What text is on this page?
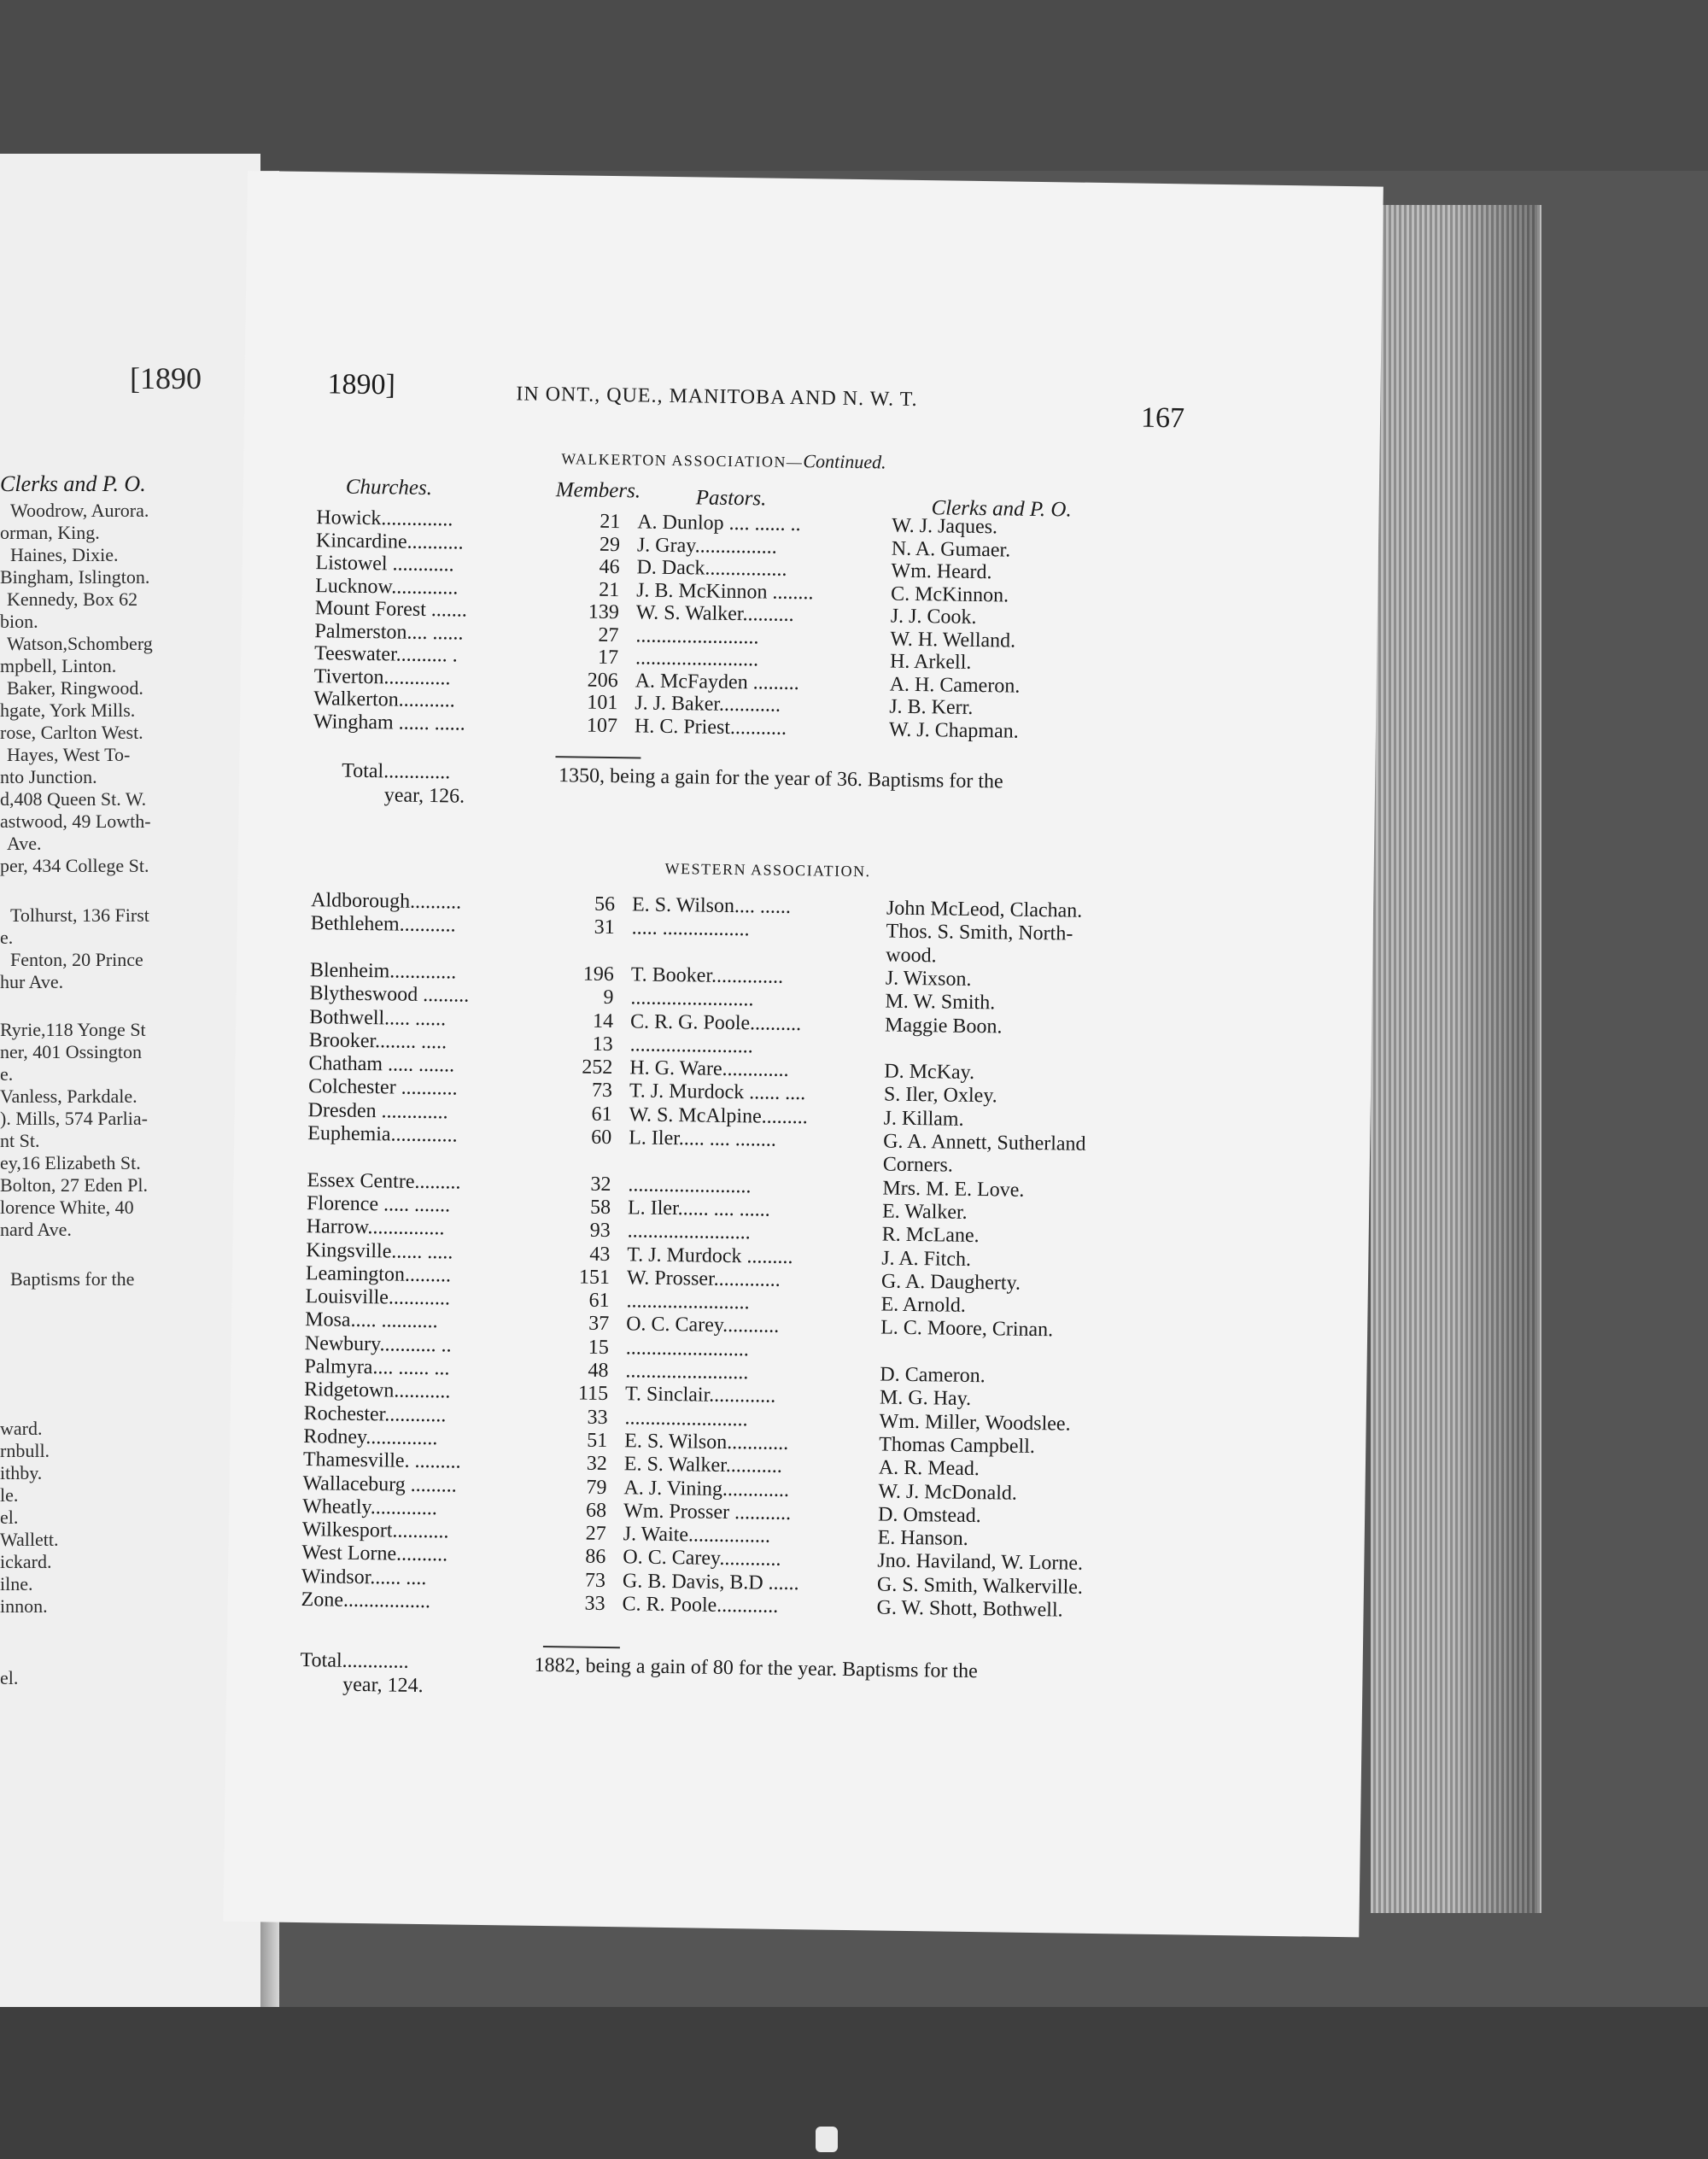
[1890
Clerks and P. O.
Woodrow, Aurora.
orman, King.
Haines, Dixie.
Bingham, Islington.
Kennedy, Box 62
bion.
Watson,Schomberg
mpbell, Linton.
Baker, Ringwood.
hgate, York Mills.
rose, Carlton West.
Hayes, West To-
nto Junction.
d,408 Queen St. W.
astwood, 49 Lowth-
Ave.
per, 434 College St.
Tolhurst, 136 First
e.
Fenton, 20 Prince
hur Ave.
Ryrie,118 Yonge St
ner, 401 Ossington
e.
Vanless, Parkdale.
). Mills, 574 Parlia-
nt St.
ey,16 Elizabeth St.
Bolton, 27 Eden Pl.
lorence White, 40
nard Ave.
Baptisms for the
ward.
rnbull.
ithby.
le.
el.
Wallett.
ickard.
ilne.
innon.
el.
1890]	IN ONT., QUE., MANITOBA AND N. W. T.
167
WALKERTON ASSOCIATION—Continued.
Churches.	Members.	Pastors.	Clerks and P. O.
Howick..............	21 A. Dunlop .... ...... ..	W. J. Jaques.
Kincardine...........	29 J. Gray................	N. A. Gumaer.
Listowel ............	46 D. Dack................	Wm. Heard.
Lucknow.............	21 J. B. McKinnon ........	C. McKinnon.
Mount Forest .......	139 W. S. Walker..........	J. J. Cook.
Palmerston.... ......	27 ........................	W. H. Welland.
Teeswater.......... .	17 ........................	H. Arkell.
Tiverton.............	206 A. McFayden .........	A. H. Cameron.
Walkerton...........	101 J. J. Baker............	J. B. Kerr.
Wingham ...... ......	107 H. C. Priest...........	W. J. Chapman.
Total.............	1350, being a gain for the year of 36. Baptisms for the
year, 126.
WESTERN ASSOCIATION.
Aldborough..........	56 E. S. Wilson.... ......	John McLeod, Clachan.
Bethlehem...........	31 ..... .................	Thos. S. Smith, North-
wood.
Blenheim.............	196 T. Booker..............	J. Wixson.
Blytheswood .........	9 ........................	M. W. Smith.
Bothwell..... ......	14 C. R. G. Poole..........	Maggie Boon.
Brooker........ .....	13 ........................
Chatham ..... .......	252 H. G. Ware.............	D. McKay.
Colchester ...........	73 T. J. Murdock ...... ....	S. Iler, Oxley.
Dresden .............	61 W. S. McAlpine.........	J. Killam.
Euphemia.............	60 L. Iler..... .... ........	G. A. Annett, Sutherland
Corners.
Essex Centre.........	32 ........................	Mrs. M. E. Love.
Florence ..... .......	58 L. Iler...... .... ......	E. Walker.
Harrow...............	93 ........................	R. McLane.
Kingsville...... .....	43 T. J. Murdock .........	J. A. Fitch.
Leamington.........	151 W. Prosser.............	G. A. Daugherty.
Louisville............	61 ........................	E. Arnold.
Mosa..... ...........	37 O. C. Carey...........	L. C. Moore, Crinan.
Newbury........... ..	15 ........................
Palmyra.... ...... ...	48 ........................	D. Cameron.
Ridgetown...........	115 T. Sinclair.............	M. G. Hay.
Rochester............	33 ........................	Wm. Miller, Woodslee.
Rodney..............	51 E. S. Wilson............	Thomas Campbell.
Thamesville. .........	32 E. S. Walker...........	A. R. Mead.
Wallaceburg .........	79 A. J. Vining.............	W. J. McDonald.
Wheatly.............	68 Wm. Prosser ...........	D. Omstead.
Wilkesport...........	27 J. Waite................	E. Hanson.
West Lorne..........	86 O. C. Carey............	Jno. Haviland, W. Lorne.
Windsor...... ....	73 G. B. Davis, B.D ......	G. S. Smith, Walkerville.
Zone.................	33 C. R. Poole............	G. W. Shott, Bothwell.
Total.............	1882, being a gain of 80 for the year. Baptisms for the
year, 124.
